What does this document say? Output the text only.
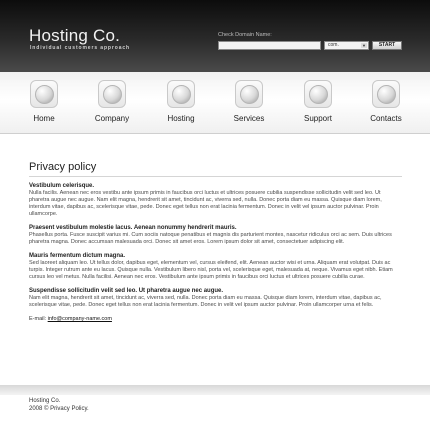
Hosting Co.
Individual customers approach
Check Domain Name:
com.	▼	START
Home	Company	Hosting	Services	Support	Contacts
Privacy policy
Vestibulum celerisque.
Nulla facilis. Aenean nec eros vestibu ante ipsum primis in faucibus orci luctus et ultrices posuere cubilia suspendisse sollicitudin velit sed leo. Ut pharetra augue nec augue. Nam elit magna, hendrerit sit amet, tincidunt ac, viverra sed, nulla. Donec porta diam eu massa. Quisque diam lorem, interdum vitae, dapibus ac, scelerisque vitae, pede. Donec eget tellus non erat lacinia fermentum. Donec in velit vel ipsum auctor pulvinar. Proin ullamcorpe.
Praesent vestibulum molestie lacus. Aenean nonummy hendrerit mauris.
Phasellus porta. Fusce suscipit varius mi. Cum sociis natoque penatibus et magnis dis parturient montes, nascetur ridiculus orci ac sem. Duis ultrices pharetra magna. Donec accumsan malesuada orci. Donec sit amet eros. Lorem ipsum dolor sit amet, consectetuer adipiscing elit.
Mauris fermentum dictum magna.
Sed laoreet aliquam leo. Ut tellus dolor, dapibus eget, elementum vel, cursus eleifend, elit. Aenean auctor wisi et urna. Aliquam erat volutpat. Duis ac turpis. Integer rutrum ante eu lacus. Quisque nulla. Vestibulum libero nisl, porta vel, scelerisque eget, malesuada at, neque. Vivamus eget nibh. Etiam cursus leo vel metus. Nulla facilisi. Aenean nec eros. Vestibulum ante ipsum primis in faucibus orci luctus et ultrices posuere cubilia curae.
Suspendisse sollicitudin velit sed leo. Ut pharetra augue nec augue.
Nam elit magna, hendrerit sit amet, tincidunt ac, viverra sed, nulla. Donec porta diam eu massa. Quisque diam lorem, interdum vitae, dapibus ac, scelerisque vitae, pede. Donec eget tellus non erat lacinia fermentum. Donec in velit vel ipsum auctor pulvinar. Proin ullamcorper urna et felis.
E-mail: info@company-name.com
Hosting Co.
2008 © Privacy Policy.
